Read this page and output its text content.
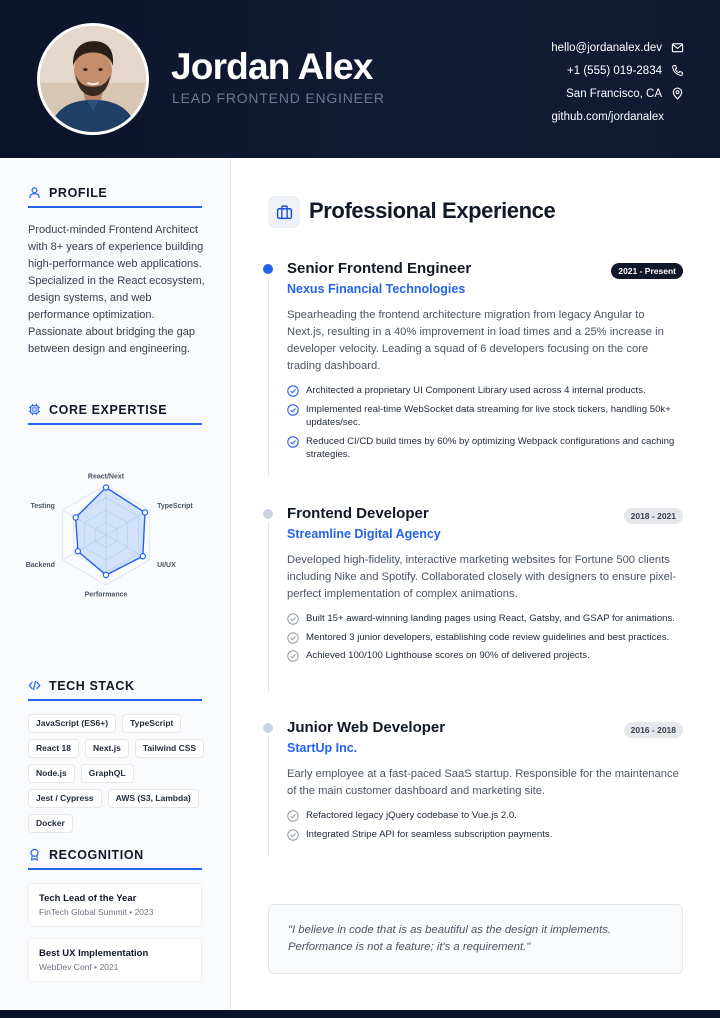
Jordan Alex
LEAD FRONTEND ENGINEER
hello@jordanalex.dev
+1 (555) 019-2834
San Francisco, CA
github.com/jordanalex
PROFILE
Product-minded Frontend Architect with 8+ years of experience building high-performance web applications. Specialized in the React ecosystem, design systems, and web performance optimization. Passionate about bridging the gap between design and engineering.
CORE EXPERTISE
React/Next
TypeScript
UI/UX
Performance
Backend
Testing
TECH STACK
JavaScript (ES6+)	TypeScript
React 18	Next.js	Tailwind CSS
Node.js	GraphQL
Jest / Cypress	AWS (S3, Lambda)
Docker
RECOGNITION
Tech Lead of the Year
FinTech Global Summit • 2023
Best UX Implementation
WebDev Conf • 2021
Professional Experience
Senior Frontend Engineer	2021 - Present
Nexus Financial Technologies
Spearheading the frontend architecture migration from legacy Angular to Next.js, resulting in a 40% improvement in load times and a 25% increase in developer velocity. Leading a squad of 6 developers focusing on the core trading dashboard.
Architected a proprietary UI Component Library used across 4 internal products.
Implemented real-time WebSocket data streaming for live stock tickers, handling 50k+ updates/sec.
Reduced CI/CD build times by 60% by optimizing Webpack configurations and caching strategies.
Frontend Developer	2018 - 2021
Streamline Digital Agency
Developed high-fidelity, interactive marketing websites for Fortune 500 clients including Nike and Spotify. Collaborated closely with designers to ensure pixel-perfect implementation of complex animations.
Built 15+ award-winning landing pages using React, Gatsby, and GSAP for animations.
Mentored 3 junior developers, establishing code review guidelines and best practices.
Achieved 100/100 Lighthouse scores on 90% of delivered projects.
Junior Web Developer	2016 - 2018
StartUp Inc.
Early employee at a fast-paced SaaS startup. Responsible for the maintenance of the main customer dashboard and marketing site.
Refactored legacy jQuery codebase to Vue.js 2.0.
Integrated Stripe API for seamless subscription payments.
"I believe in code that is as beautiful as the design it implements. Performance is not a feature; it's a requirement."
